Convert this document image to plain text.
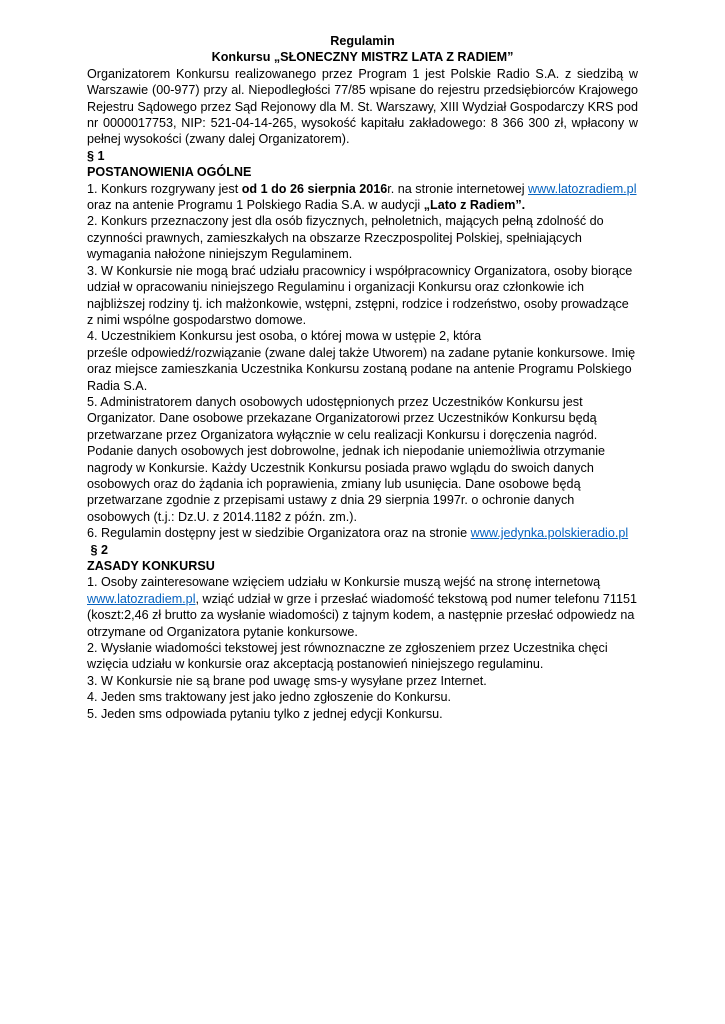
Regulamin

Konkursu „SŁONECZNY MISTRZ LATA Z RADIEM”

Organizatorem Konkursu realizowanego przez Program 1 jest Polskie Radio S.A. z siedzibą w Warszawie (00-977) przy al. Niepodległości 77/85 wpisane do rejestru przedsiębiorców Krajowego Rejestru Sądowego przez Sąd Rejonowy dla M. St. Warszawy, XIII Wydział Gospodarczy KRS pod nr 0000017753, NIP: 521-04-14-265, wysokość kapitału zakładowego: 8 366 300 zł, wpłacony w pełnej wysokości (zwany dalej Organizatorem).

§ 1

POSTANOWIENIA OGÓLNE

1. Konkurs rozgrywany jest od 1 do 26 sierpnia 2016r. na stronie internetowej www.latozradiem.pl oraz na antenie Programu 1 Polskiego Radia S.A. w audycji „Lato z Radiem”.

2. Konkurs przeznaczony jest dla osób fizycznych, pełnoletnich, mających pełną zdolność do czynności prawnych, zamieszkałych na obszarze Rzeczpospolitej Polskiej, spełniających wymagania nałożone niniejszym Regulaminem.

3. W Konkursie nie mogą brać udziału pracownicy i współpracownicy Organizatora, osoby biorące udział w opracowaniu niniejszego Regulaminu i organizacji Konkursu oraz członkowie ich najbliższej rodziny tj. ich małżonkowie, wstępni, zstępni, rodzice i rodzeństwo, osoby prowadzące z nimi wspólne gospodarstwo domowe.

4. Uczestnikiem Konkursu jest osoba, o której mowa w ustępie 2, która

prześle odpowiedź/rozwiązanie (zwane dalej także Utworem) na zadane pytanie konkursowe. Imię oraz miejsce zamieszkania Uczestnika Konkursu zostaną podane na antenie Programu Polskiego Radia S.A.

5. Administratorem danych osobowych udostępnionych przez Uczestników Konkursu jest Organizator. Dane osobowe przekazane Organizatorowi przez Uczestników Konkursu będą przetwarzane przez Organizatora wyłącznie w celu realizacji Konkursu i doręczenia nagród. Podanie danych osobowych jest dobrowolne, jednak ich niepodanie uniemożliwia otrzymanie nagrody w Konkursie. Każdy Uczestnik Konkursu posiada prawo wglądu do swoich danych osobowych oraz do żądania ich poprawienia, zmiany lub usunięcia. Dane osobowe będą przetwarzane zgodnie z przepisami ustawy z dnia 29 sierpnia 1997r. o ochronie danych osobowych (t.j.: Dz.U. z 2014.1182 z późn. zm.).

6. Regulamin dostępny jest w siedzibie Organizatora oraz na stronie www.jedynka.polskieradio.pl

§ 2

ZASADY KONKURSU

1. Osoby zainteresowane wzięciem udziału w Konkursie muszą wejść na stronę internetową www.latozradiem.pl, wziąć udział w grze i przesłać wiadomość tekstową pod numer telefonu 71151 (koszt:2,46 zł brutto za wysłanie wiadomości) z tajnym kodem, a następnie przesłać odpowiedz na otrzymane od Organizatora pytanie konkursowe.

2. Wysłanie wiadomości tekstowej jest równoznaczne ze zgłoszeniem przez Uczestnika chęci wzięcia udziału w konkursie oraz akceptacją postanowień niniejszego regulaminu.

3. W Konkursie nie są brane pod uwagę sms-y wysyłane przez Internet.

4. Jeden sms traktowany jest jako jedno zgłoszenie do Konkursu.

5. Jeden sms odpowiada pytaniu tylko z jednej edycji Konkursu.
